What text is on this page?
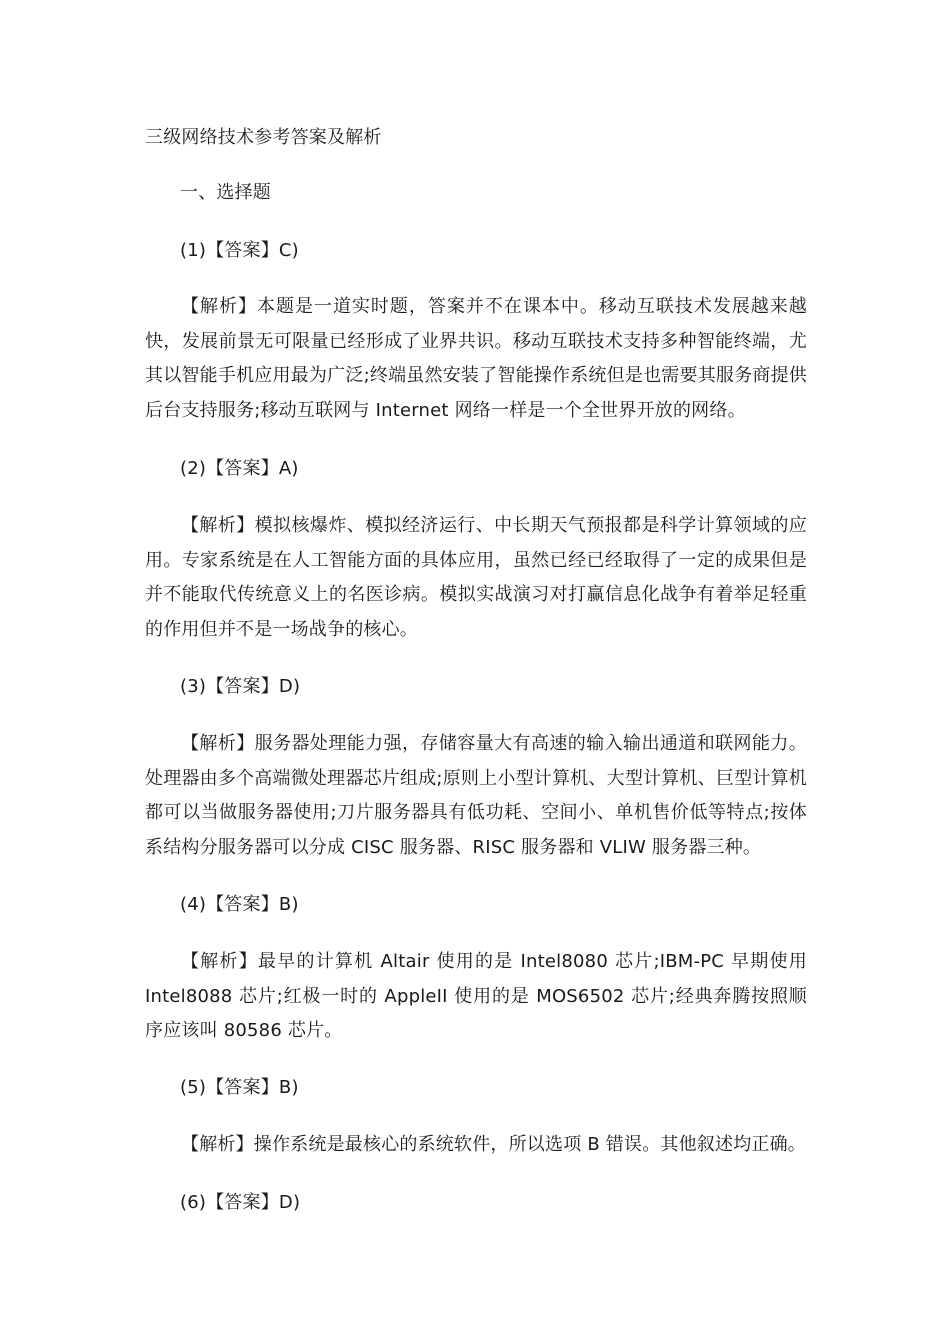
三级网络技术参考答案及解析
一、选择题
(1)【答案】C)
【解析】本题是一道实时题，答案并不在课本中。移动互联技术发展越来越快，发展前景无可限量已经形成了业界共识。移动互联技术支持多种智能终端，尤其以智能手机应用最为广泛;终端虽然安装了智能操作系统但是也需要其服务商提供后台支持服务;移动互联网与 Internet 网络一样是一个全世界开放的网络。
(2)【答案】A)
【解析】模拟核爆炸、模拟经济运行、中长期天气预报都是科学计算领域的应用。专家系统是在人工智能方面的具体应用，虽然已经已经取得了一定的成果但是并不能取代传统意义上的名医诊病。模拟实战演习对打赢信息化战争有着举足轻重的作用但并不是一场战争的核心。
(3)【答案】D)
【解析】服务器处理能力强，存储容量大有高速的输入输出通道和联网能力。处理器由多个高端微处理器芯片组成;原则上小型计算机、大型计算机、巨型计算机都可以当做服务器使用;刀片服务器具有低功耗、空间小、单机售价低等特点;按体系结构分服务器可以分成 CISC 服务器、RISC 服务器和 VLIW 服务器三种。
(4)【答案】B)
【解析】最早的计算机 Altair 使用的是 Intel8080 芯片;IBM-PC 早期使用 Intel8088 芯片;红极一时的 AppleII 使用的是 MOS6502 芯片;经典奔腾按照顺序应该叫 80586 芯片。
(5)【答案】B)
【解析】操作系统是最核心的系统软件，所以选项 B 错误。其他叙述均正确。
(6)【答案】D)
